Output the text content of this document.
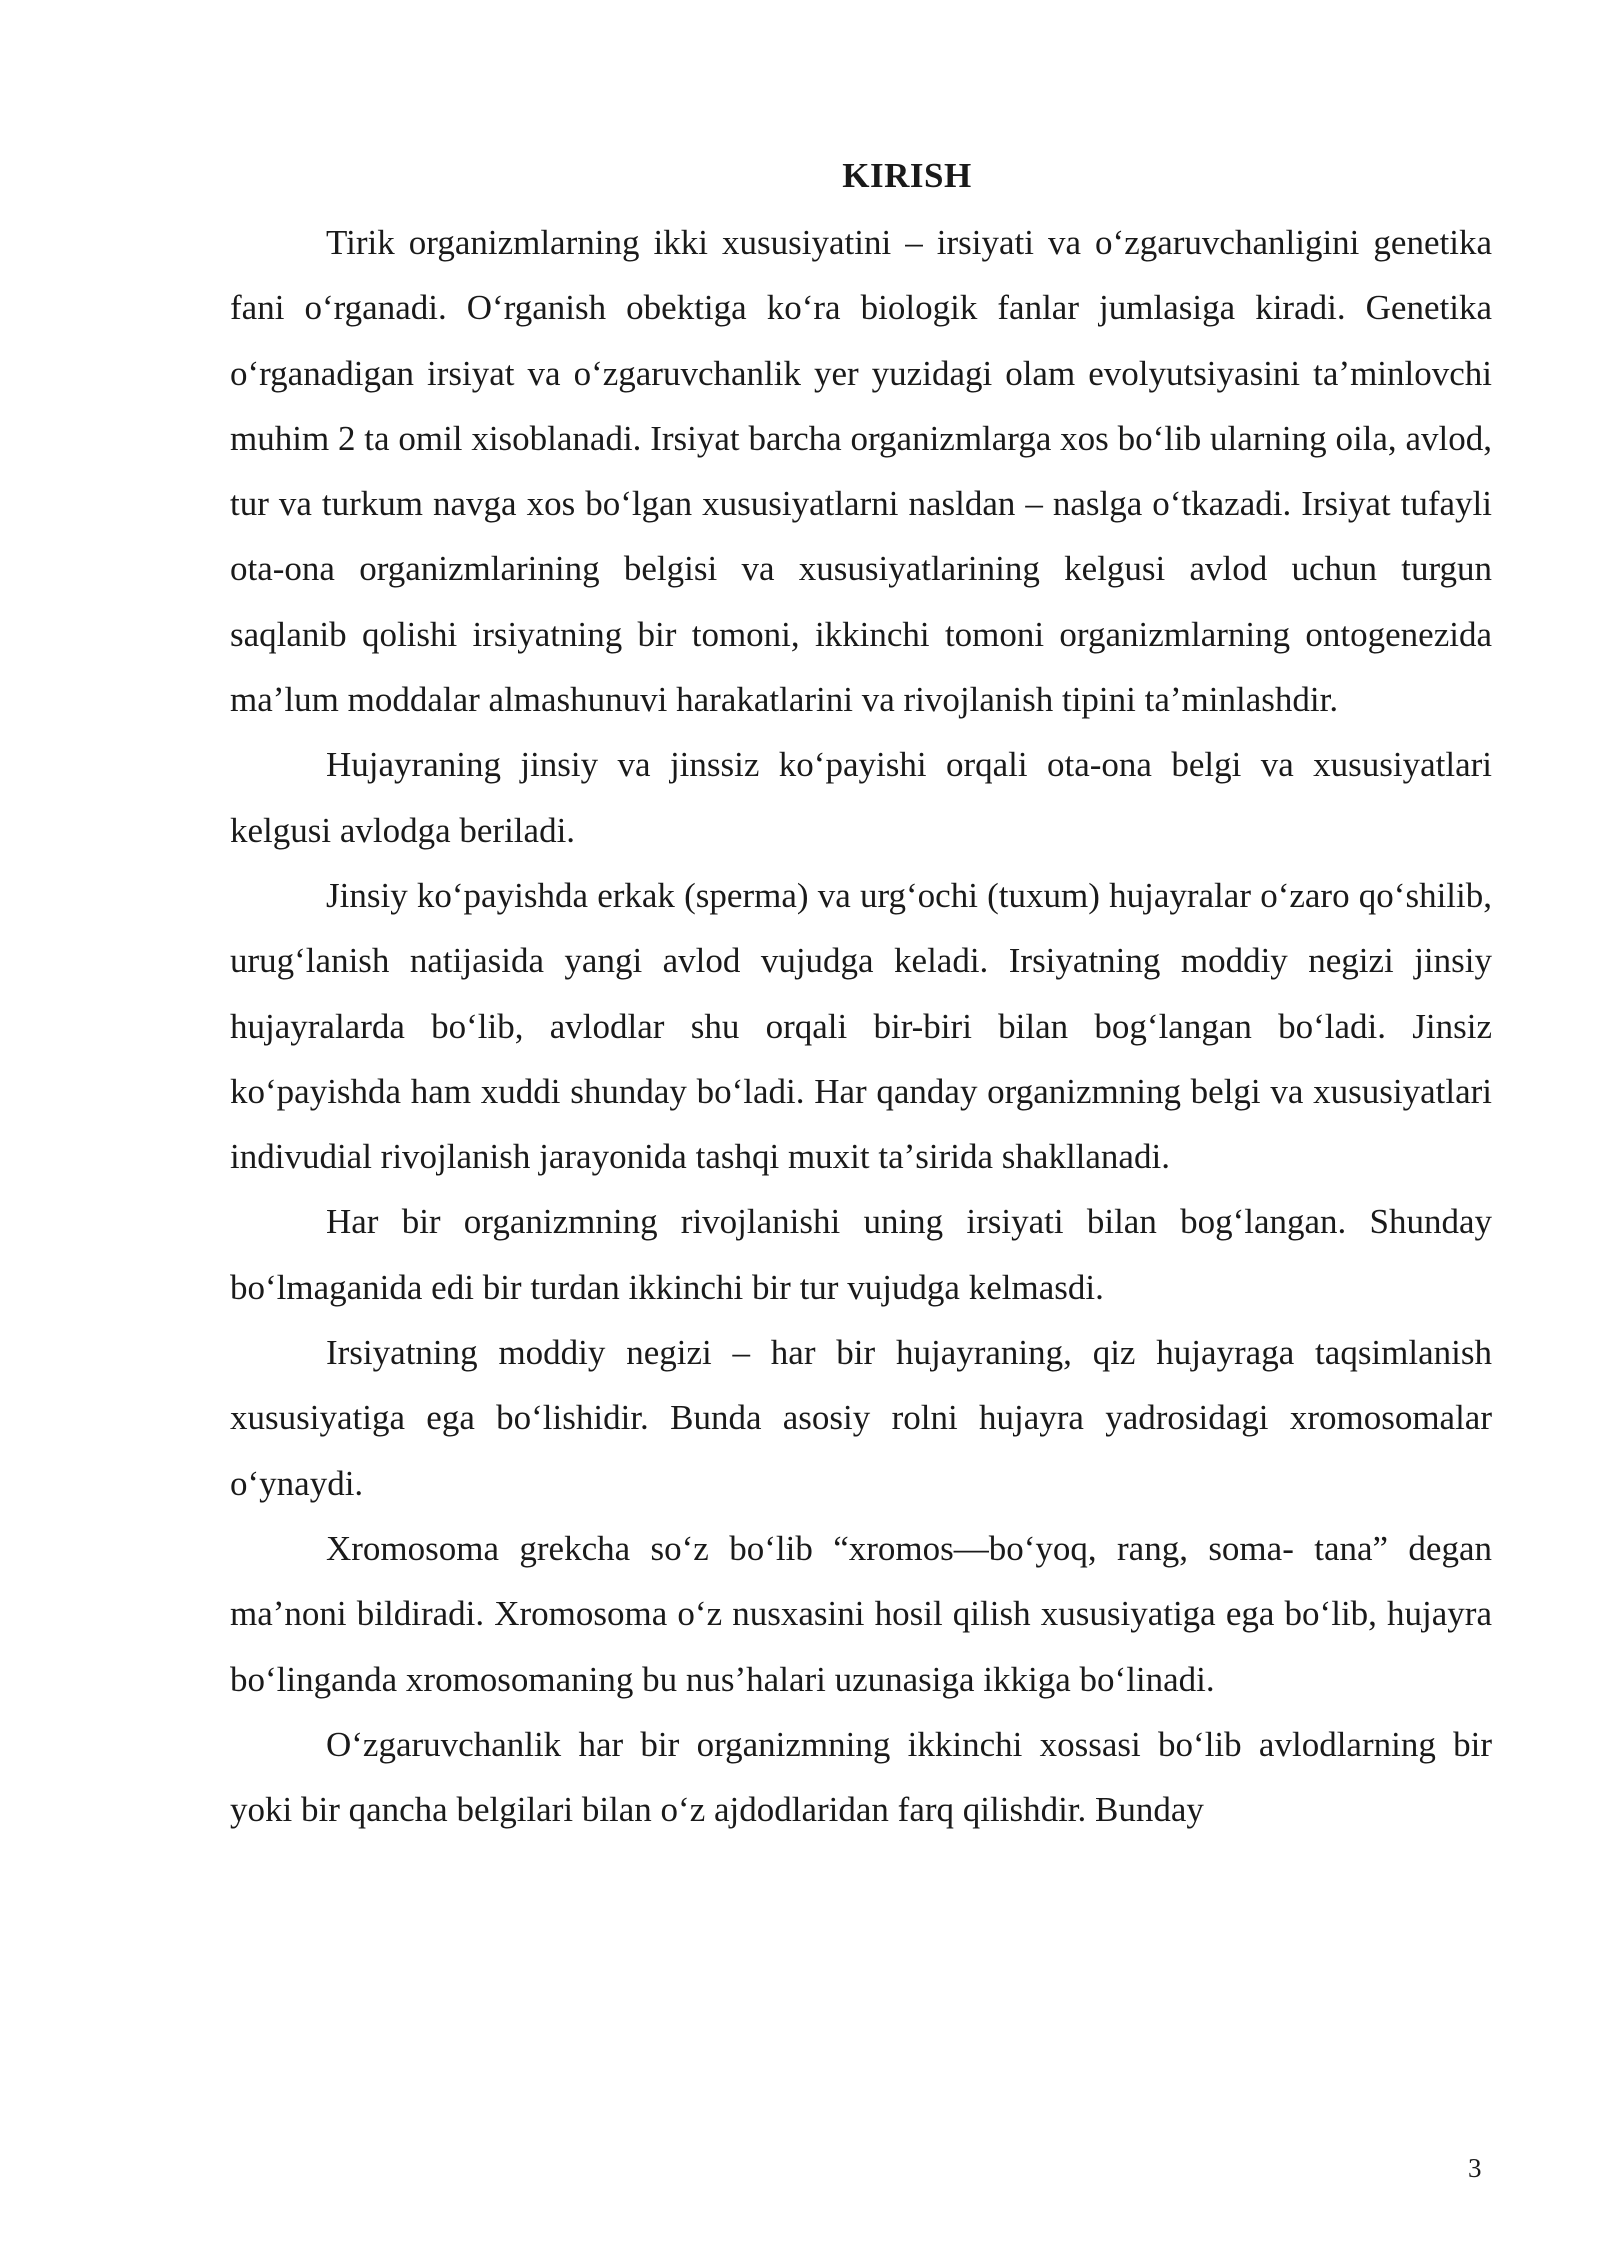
KIRISH

Tirik organizmlarning ikki xususiyatini – irsiyati va oʻzgaruvchanligini genetika fani oʻrganadi. Oʻrganish obektiga koʻra biologik fanlar jumlasiga kiradi. Genetika oʻrganadigan irsiyat va oʻzgaruvchanlik yer yuzidagi olam evolyutsiyasini taʼminlovchi muhim 2 ta omil xisoblanadi. Irsiyat barcha organizmlarga xos boʻlib ularning oila, avlod, tur va turkum navga xos boʻlgan xususiyatlarni nasldan – naslga oʻtkazadi. Irsiyat tufayli ota-ona organizmlarining belgisi va xususiyatlarining kelgusi avlod uchun turgun saqlanib qolishi irsiyatning bir tomoni, ikkinchi tomoni organizmlarning ontogenezida maʼlum moddalar almashunuvi harakatlarini va rivojlanish tipini taʼminlashdir.

Hujayraning jinsiy va jinssiz koʻpayishi orqali ota-ona belgi va xususiyatlari kelgusi avlodga beriladi.

Jinsiy koʻpayishda erkak (sperma) va urgʻochi (tuxum) hujayralar oʻzaro qoʻshilib, urugʻlanish natijasida yangi avlod vujudga keladi. Irsiyatning moddiy negizi jinsiy hujayralarda boʻlib, avlodlar shu orqali bir-biri bilan bogʻlangan boʻladi. Jinsiz koʻpayishda ham xuddi shunday boʻladi. Har qanday organizmning belgi va xususiyatlari indivudial rivojlanish jarayonida tashqi muxit taʼsirida shakllanadi.

Har bir organizmning rivojlanishi uning irsiyati bilan bogʻlangan. Shunday boʻlmaganida edi bir turdan ikkinchi bir tur vujudga kelmasdi.

Irsiyatning moddiy negizi – har bir hujayraning, qiz hujayraga taqsimlanish xususiyatiga ega boʻlishidir. Bunda asosiy rolni hujayra yadrosidagi xromosomalar oʻynaydi.

Xromosoma grekcha soʻz boʻlib “xromos—boʻyoq, rang, soma- tana” degan maʼnoni bildiradi. Xromosoma oʻz nusxasini hosil qilish xususiyatiga ega boʻlib, hujayra boʻlinganda xromosomaning bu nusʼhalari uzunasiga ikkiga boʻlinadi.

Oʻzgaruvchanlik har bir organizmning ikkinchi xossasi boʻlib avlodlarning bir yoki bir qancha belgilari bilan oʻz ajdodlaridan farq qilishdir. Bunday

3
